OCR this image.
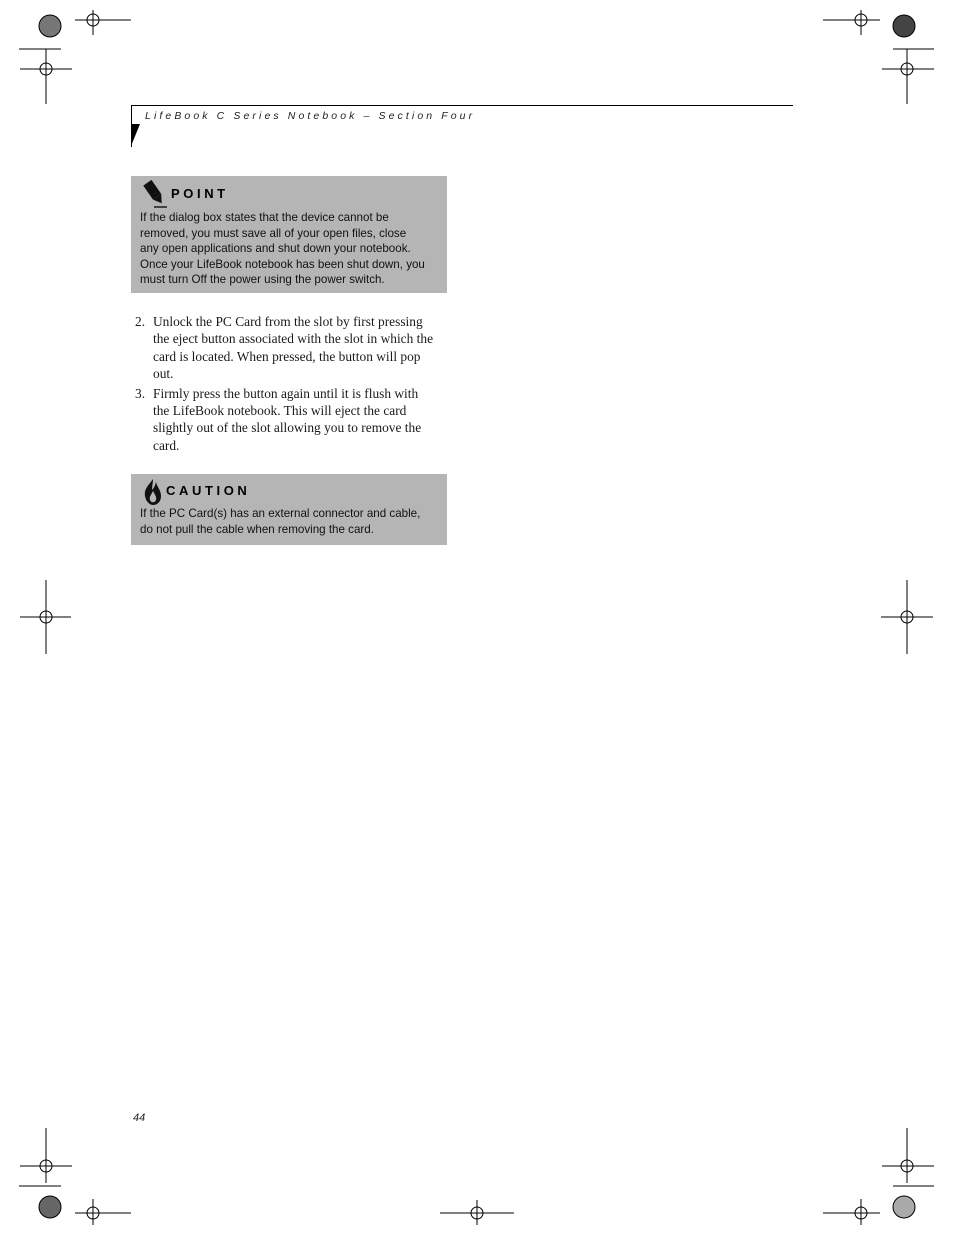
LifeBook C Series Notebook – Section Four
POINT

If the dialog box states that the device cannot be

removed, you must save all of your open files, close

any open applications and shut down your notebook.

Once your LifeBook notebook has been shut down, you

must turn Off the power using the power switch.

2. Unlock the PC Card from the slot by first pressing
the eject button associated with the slot in which the
card is located. When pressed, the button will pop
out.
3. Firmly press the button again until it is flush with
the LifeBook notebook. This will eject the card
slightly out of the slot allowing you to remove the
card.
CAUTION

If the PC Card(s) has an external connector and cable,

do not pull the cable when removing the card.

44
